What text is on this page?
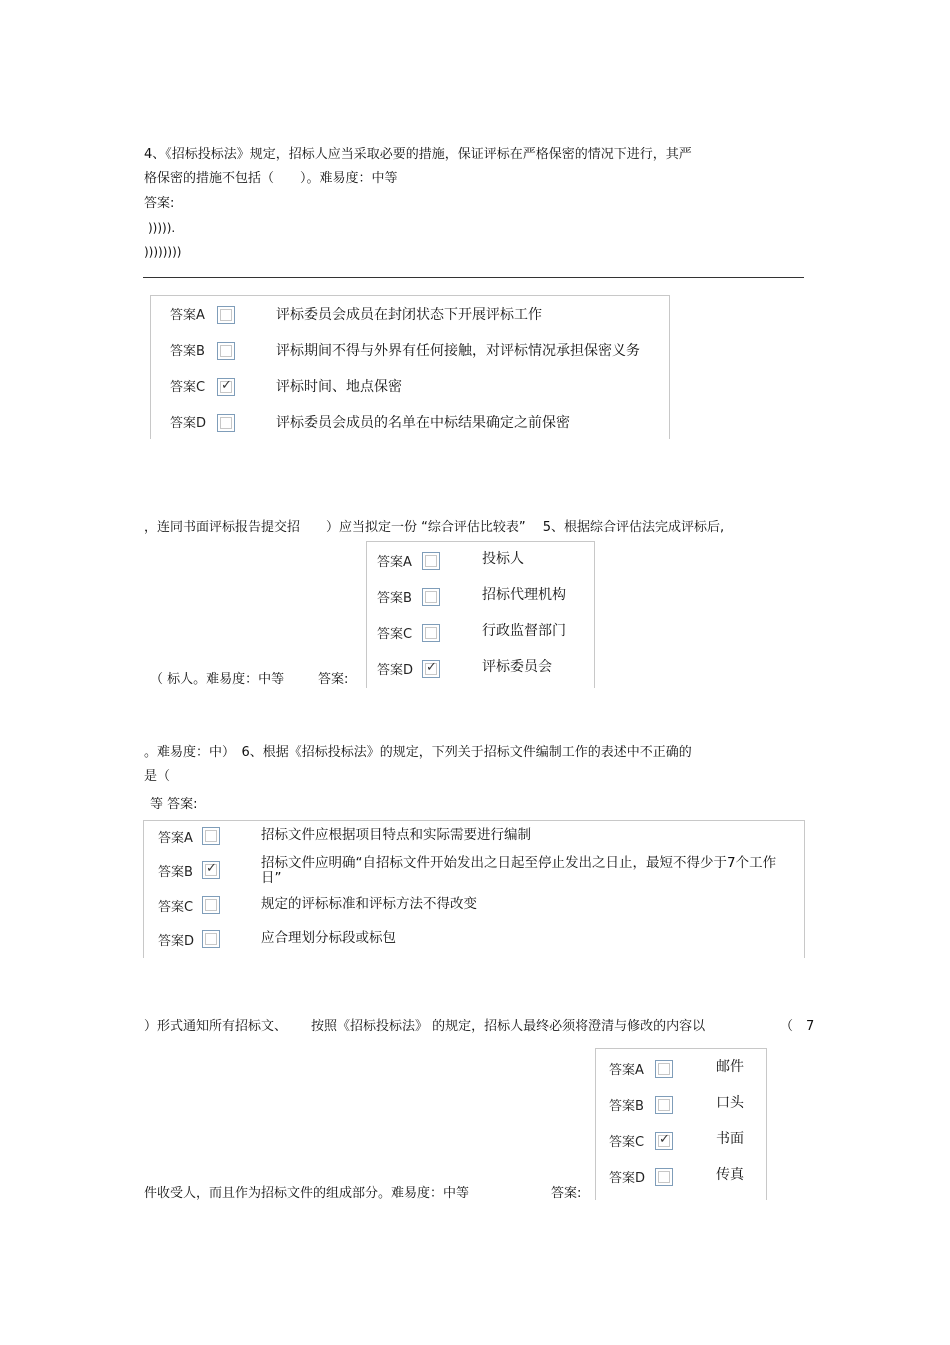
4、《招标投标法》规定，招标人应当采取必要的措施，保证评标在严格保密的情况下进行，其严
格保密的措施不包括（　　）。难易度：中等
答案:
))))).
))))))))
答案A	评标委员会成员在封闭状态下开展评标工作
答案B	评标期间不得与外界有任何接触，对评标情况承担保密义务
答案C ✓	评标时间、地点保密
答案D	评标委员会成员的名单在中标结果确定之前保密
，连同书面评标报告提交招　　）应当拟定一份 “综合评估比较表”　 5、根据综合评估法完成评标后,
答案A	投标人
答案B	招标代理机构
答案C	行政监督部门
答案D ✓	评标委员会
（ 标人。难易度：中等	答案:
。难易度：中）　6、根据《招标投标法》的规定，下列关于招标文件编制工作的表述中不正确的
是（
等 答案:
答案A	招标文件应根据项目特点和实际需要进行编制
答案B ✓	招标文件应明确“自招标文件开始发出之日起至停止发出之日止，最短不得少于7个工作
日”
答案C	规定的评标标准和评标方法不得改变
答案D	应合理划分标段或标包
）形式通知所有招标文、 按照《招标投标法》 的规定，招标人最终必须将澄清与修改的内容以	（　7
答案A	邮件
答案B	口头
答案C ✓	书面
答案D	传真
件收受人，而且作为招标文件的组成部分。难易度：中等	答案:
